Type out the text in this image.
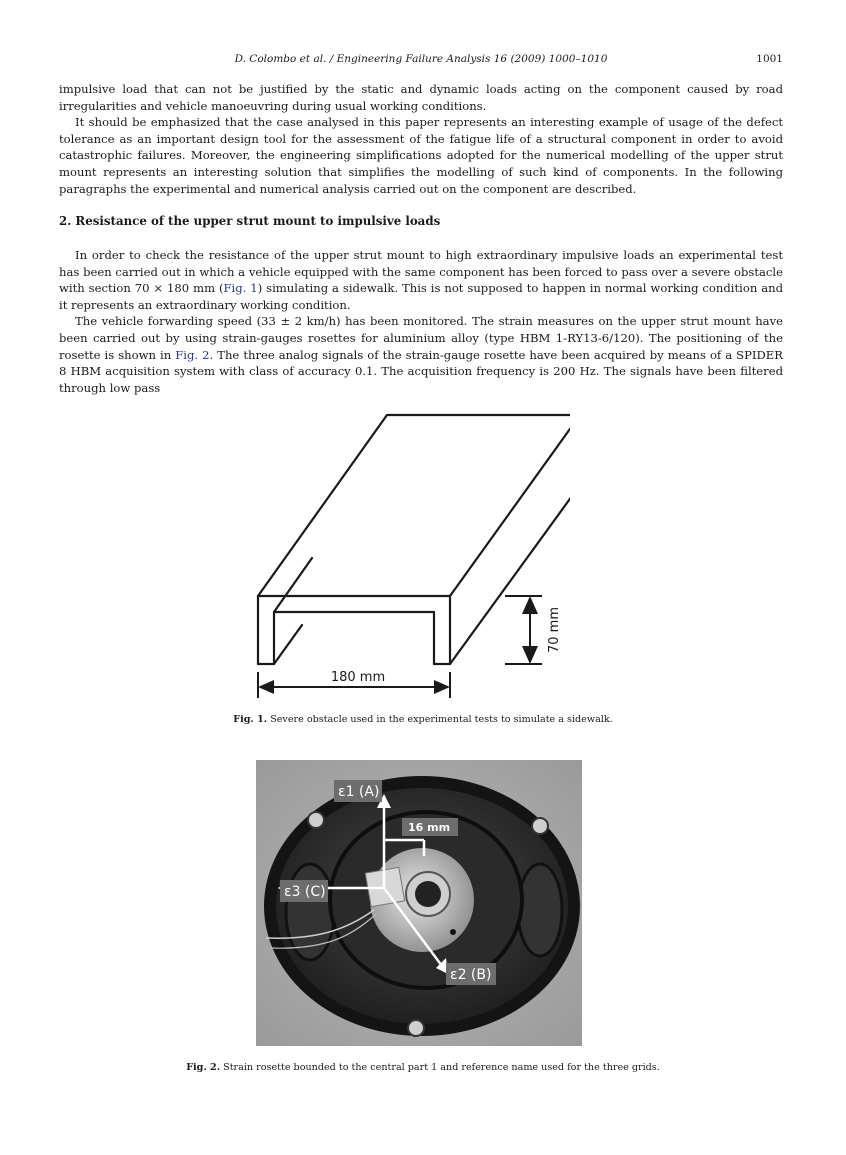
D. Colombo et al. / Engineering Failure Analysis 16 (2009) 1000–1010	1001

impulsive load that can not be justified by the static and dynamic loads acting on the component caused by road irregularities and vehicle manoeuvring during usual working conditions.

It should be emphasized that the case analysed in this paper represents an interesting example of usage of the defect tolerance as an important design tool for the assessment of the fatigue life of a structural component in order to avoid catastrophic failures. Moreover, the engineering simplifications adopted for the numerical modelling of the upper strut mount represents an interesting solution that simplifies the modelling of such kind of components. In the following paragraphs the experimental and numerical analysis carried out on the component are described.

2. Resistance of the upper strut mount to impulsive loads

In order to check the resistance of the upper strut mount to high extraordinary impulsive loads an experimental test has been carried out in which a vehicle equipped with the same component has been forced to pass over a severe obstacle with section 70 × 180 mm (Fig. 1) simulating a sidewalk. This is not supposed to happen in normal working condition and it represents an extraordinary working condition.

The vehicle forwarding speed (33 ± 2 km/h) has been monitored. The strain measures on the upper strut mount have been carried out by using strain-gauges rosettes for aluminium alloy (type HBM 1-RY13-6/120). The positioning of the rosette is shown in Fig. 2. The three analog signals of the strain-gauge rosette have been acquired by means of a SPIDER 8 HBM acquisition system with class of accuracy 0.1. The acquisition frequency is 200 Hz. The signals have been filtered through low pass

180 mm
70 mm
Fig. 1. Severe obstacle used in the experimental tests to simulate a sidewalk.
ε1 (A)
16 mm
ε3 (C)
ε2 (B)
Fig. 2. Strain rosette bounded to the central part 1 and reference name used for the three grids.
